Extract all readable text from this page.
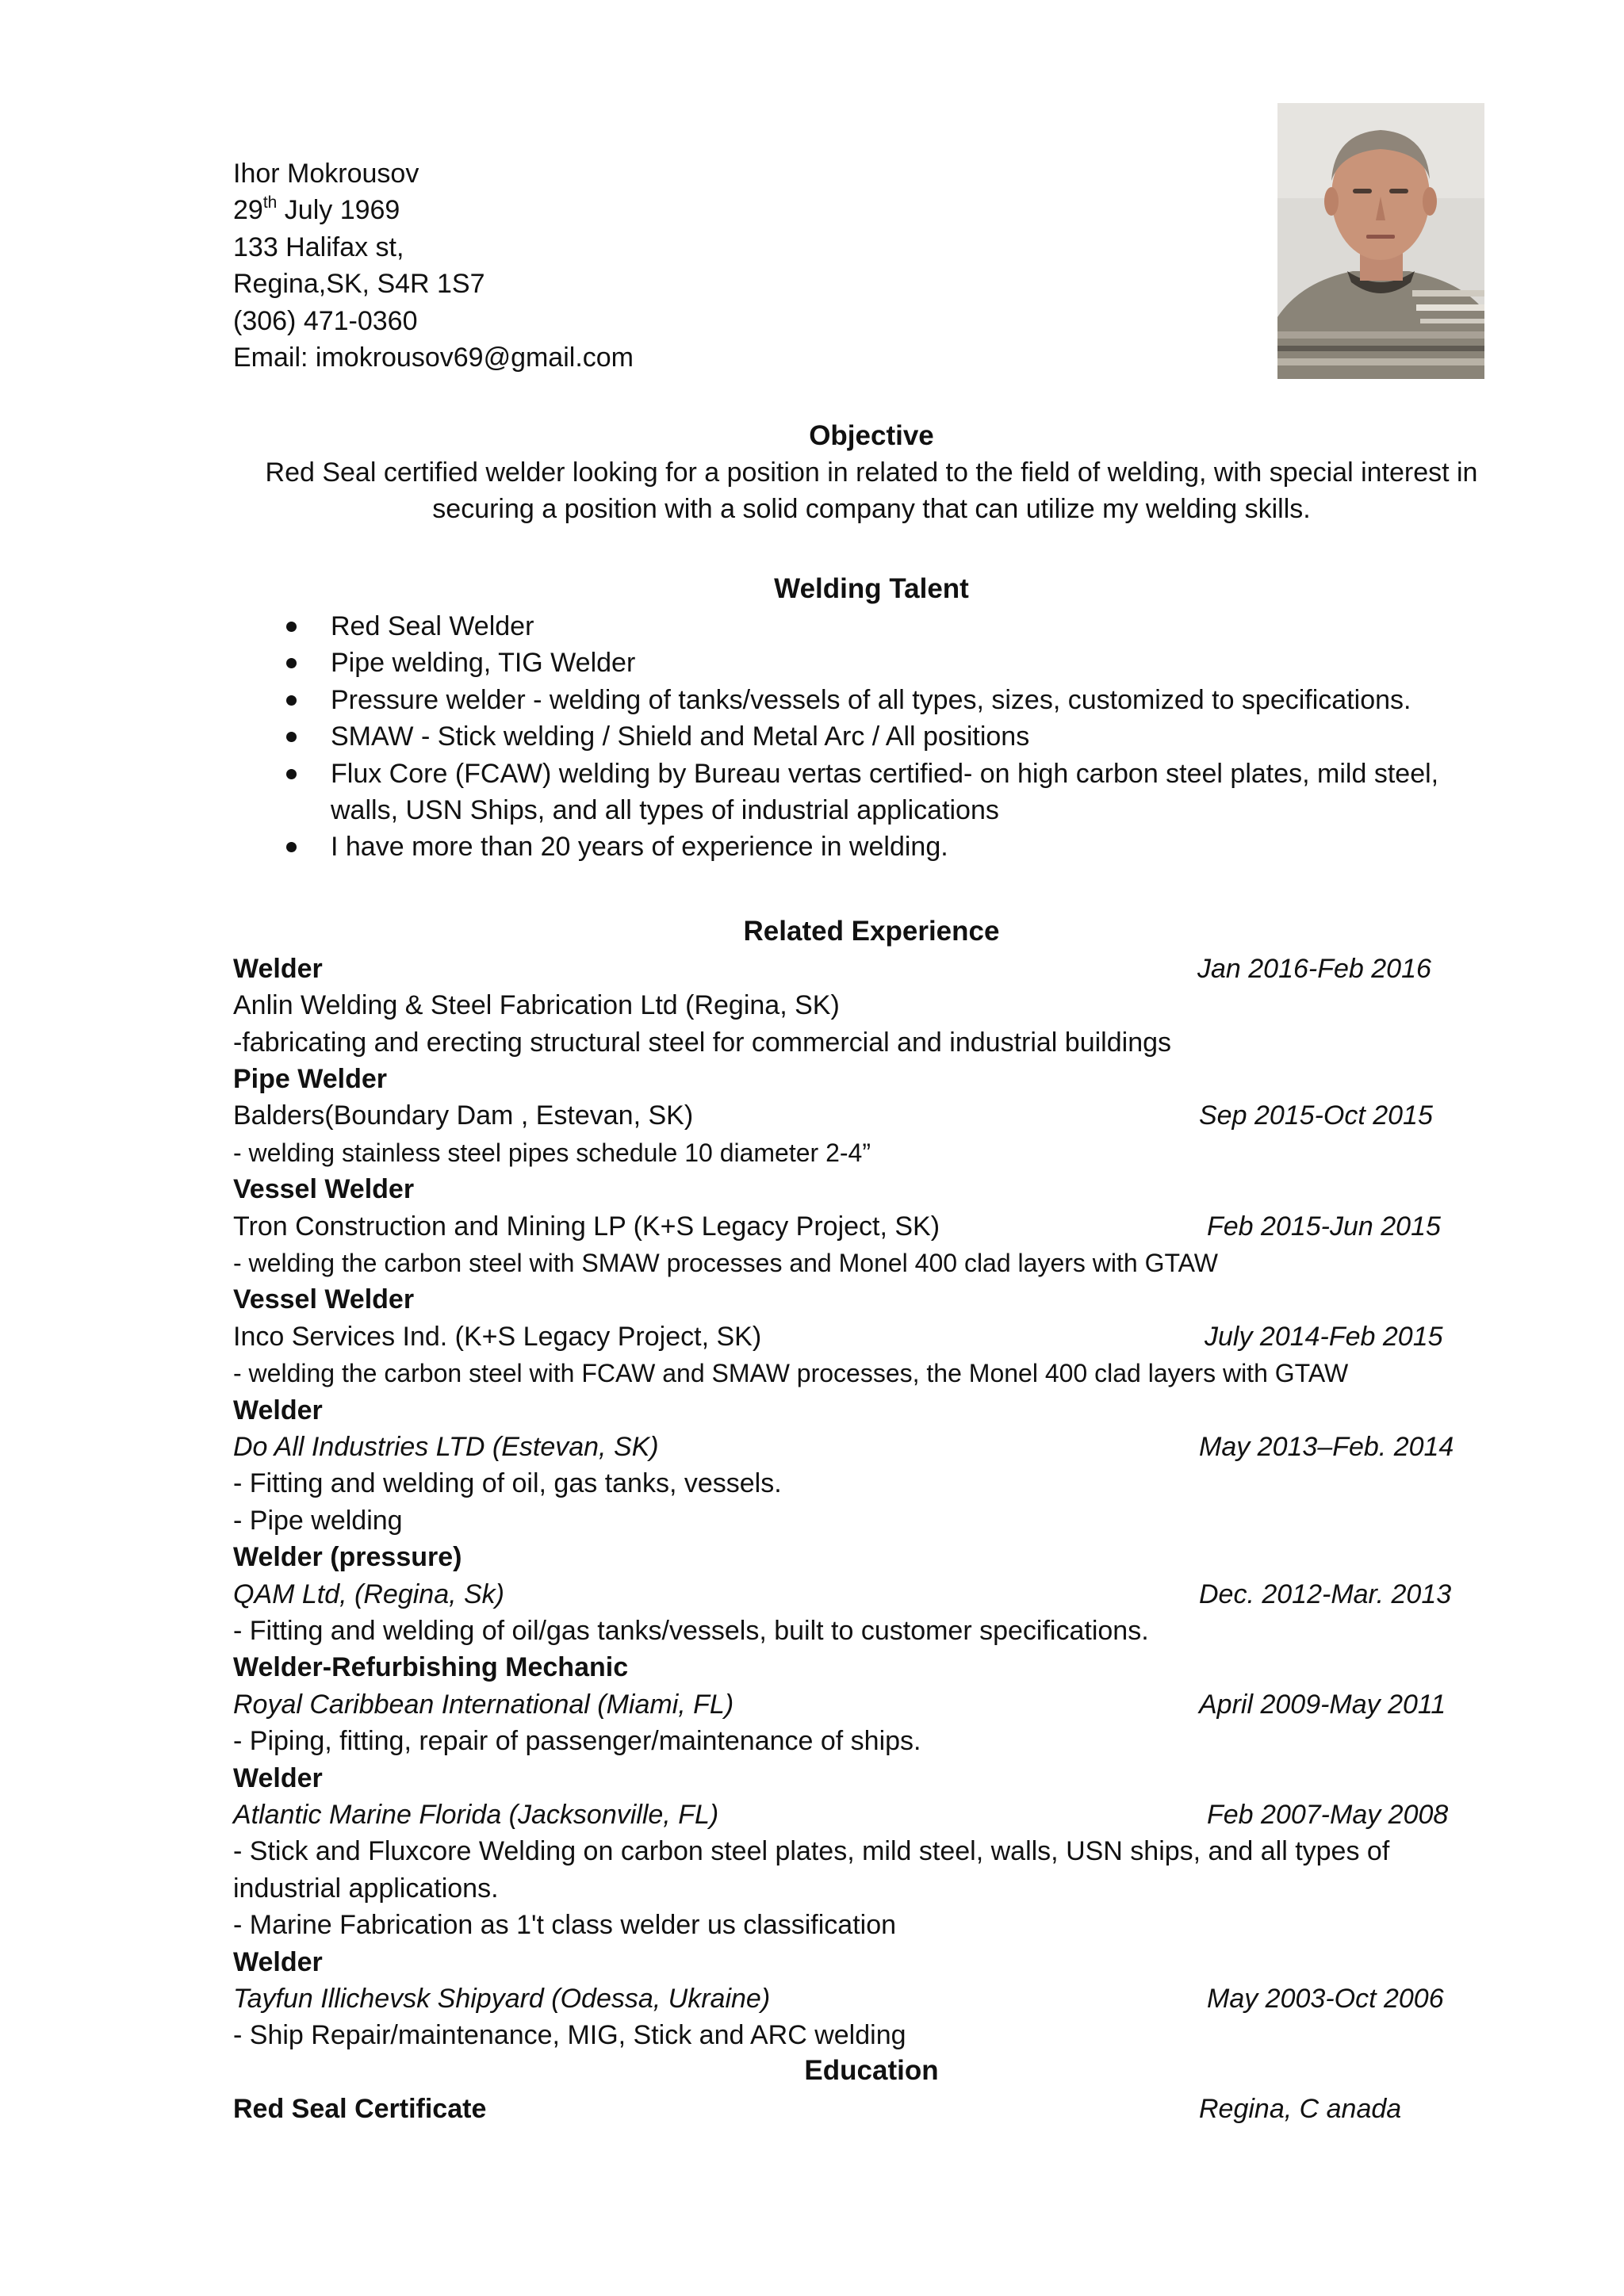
Ihor Mokrousov
29th July 1969
133 Halifax st,
Regina,SK, S4R 1S7
(306) 471-0360
Email: imokrousov69@gmail.com
Objective
Red Seal certified welder looking for a position in related to the field of welding, with special interest in
securing a position with a solid company that can utilize my welding skills.
Welding Talent
Red Seal Welder
Pipe welding, TIG Welder
Pressure welder - welding of tanks/vessels of all types, sizes, customized to specifications.
SMAW - Stick welding / Shield and Metal Arc / All positions
Flux Core (FCAW) welding by Bureau vertas certified- on high carbon steel plates, mild steel,
walls, USN Ships, and all types of industrial applications
I have more than 20 years of experience in welding.
Related Experience
Welder	Jan 2016-Feb 2016
Anlin Welding & Steel Fabrication Ltd (Regina, SK)
-fabricating and erecting structural steel for commercial and industrial buildings
Pipe Welder
Balders(Boundary Dam , Estevan, SK)	Sep 2015-Oct 2015
- welding stainless steel pipes schedule 10 diameter 2-4”
Vessel Welder
Tron Construction and Mining LP (K+S Legacy Project, SK)	Feb 2015-Jun 2015
- welding the carbon steel with SMAW processes and Monel 400 clad layers with GTAW
Vessel Welder
Inco Services Ind. (K+S Legacy Project, SK)	July 2014-Feb 2015
- welding the carbon steel with FCAW and SMAW processes, the Monel 400 clad layers with GTAW
Welder
Do All Industries LTD (Estevan, SK)	May 2013–Feb. 2014
- Fitting and welding of oil, gas tanks, vessels.
- Pipe welding
Welder (pressure)
QAM Ltd, (Regina, Sk)	Dec. 2012-Mar. 2013
- Fitting and welding of oil/gas tanks/vessels, built to customer specifications.
Welder-Refurbishing Mechanic
Royal Caribbean International (Miami, FL)	April 2009-May 2011
- Piping, fitting, repair of passenger/maintenance of ships.
Welder
Atlantic Marine Florida (Jacksonville, FL)	Feb 2007-May 2008
- Stick and Fluxcore Welding on carbon steel plates, mild steel, walls, USN ships, and all types of
industrial applications.
- Marine Fabrication as 1't class welder us classification
Welder
Tayfun Illichevsk Shipyard (Odessa, Ukraine)	May 2003-Oct 2006
- Ship Repair/maintenance, MIG, Stick and ARC welding
Education
Red Seal Certificate	Regina, C anada
